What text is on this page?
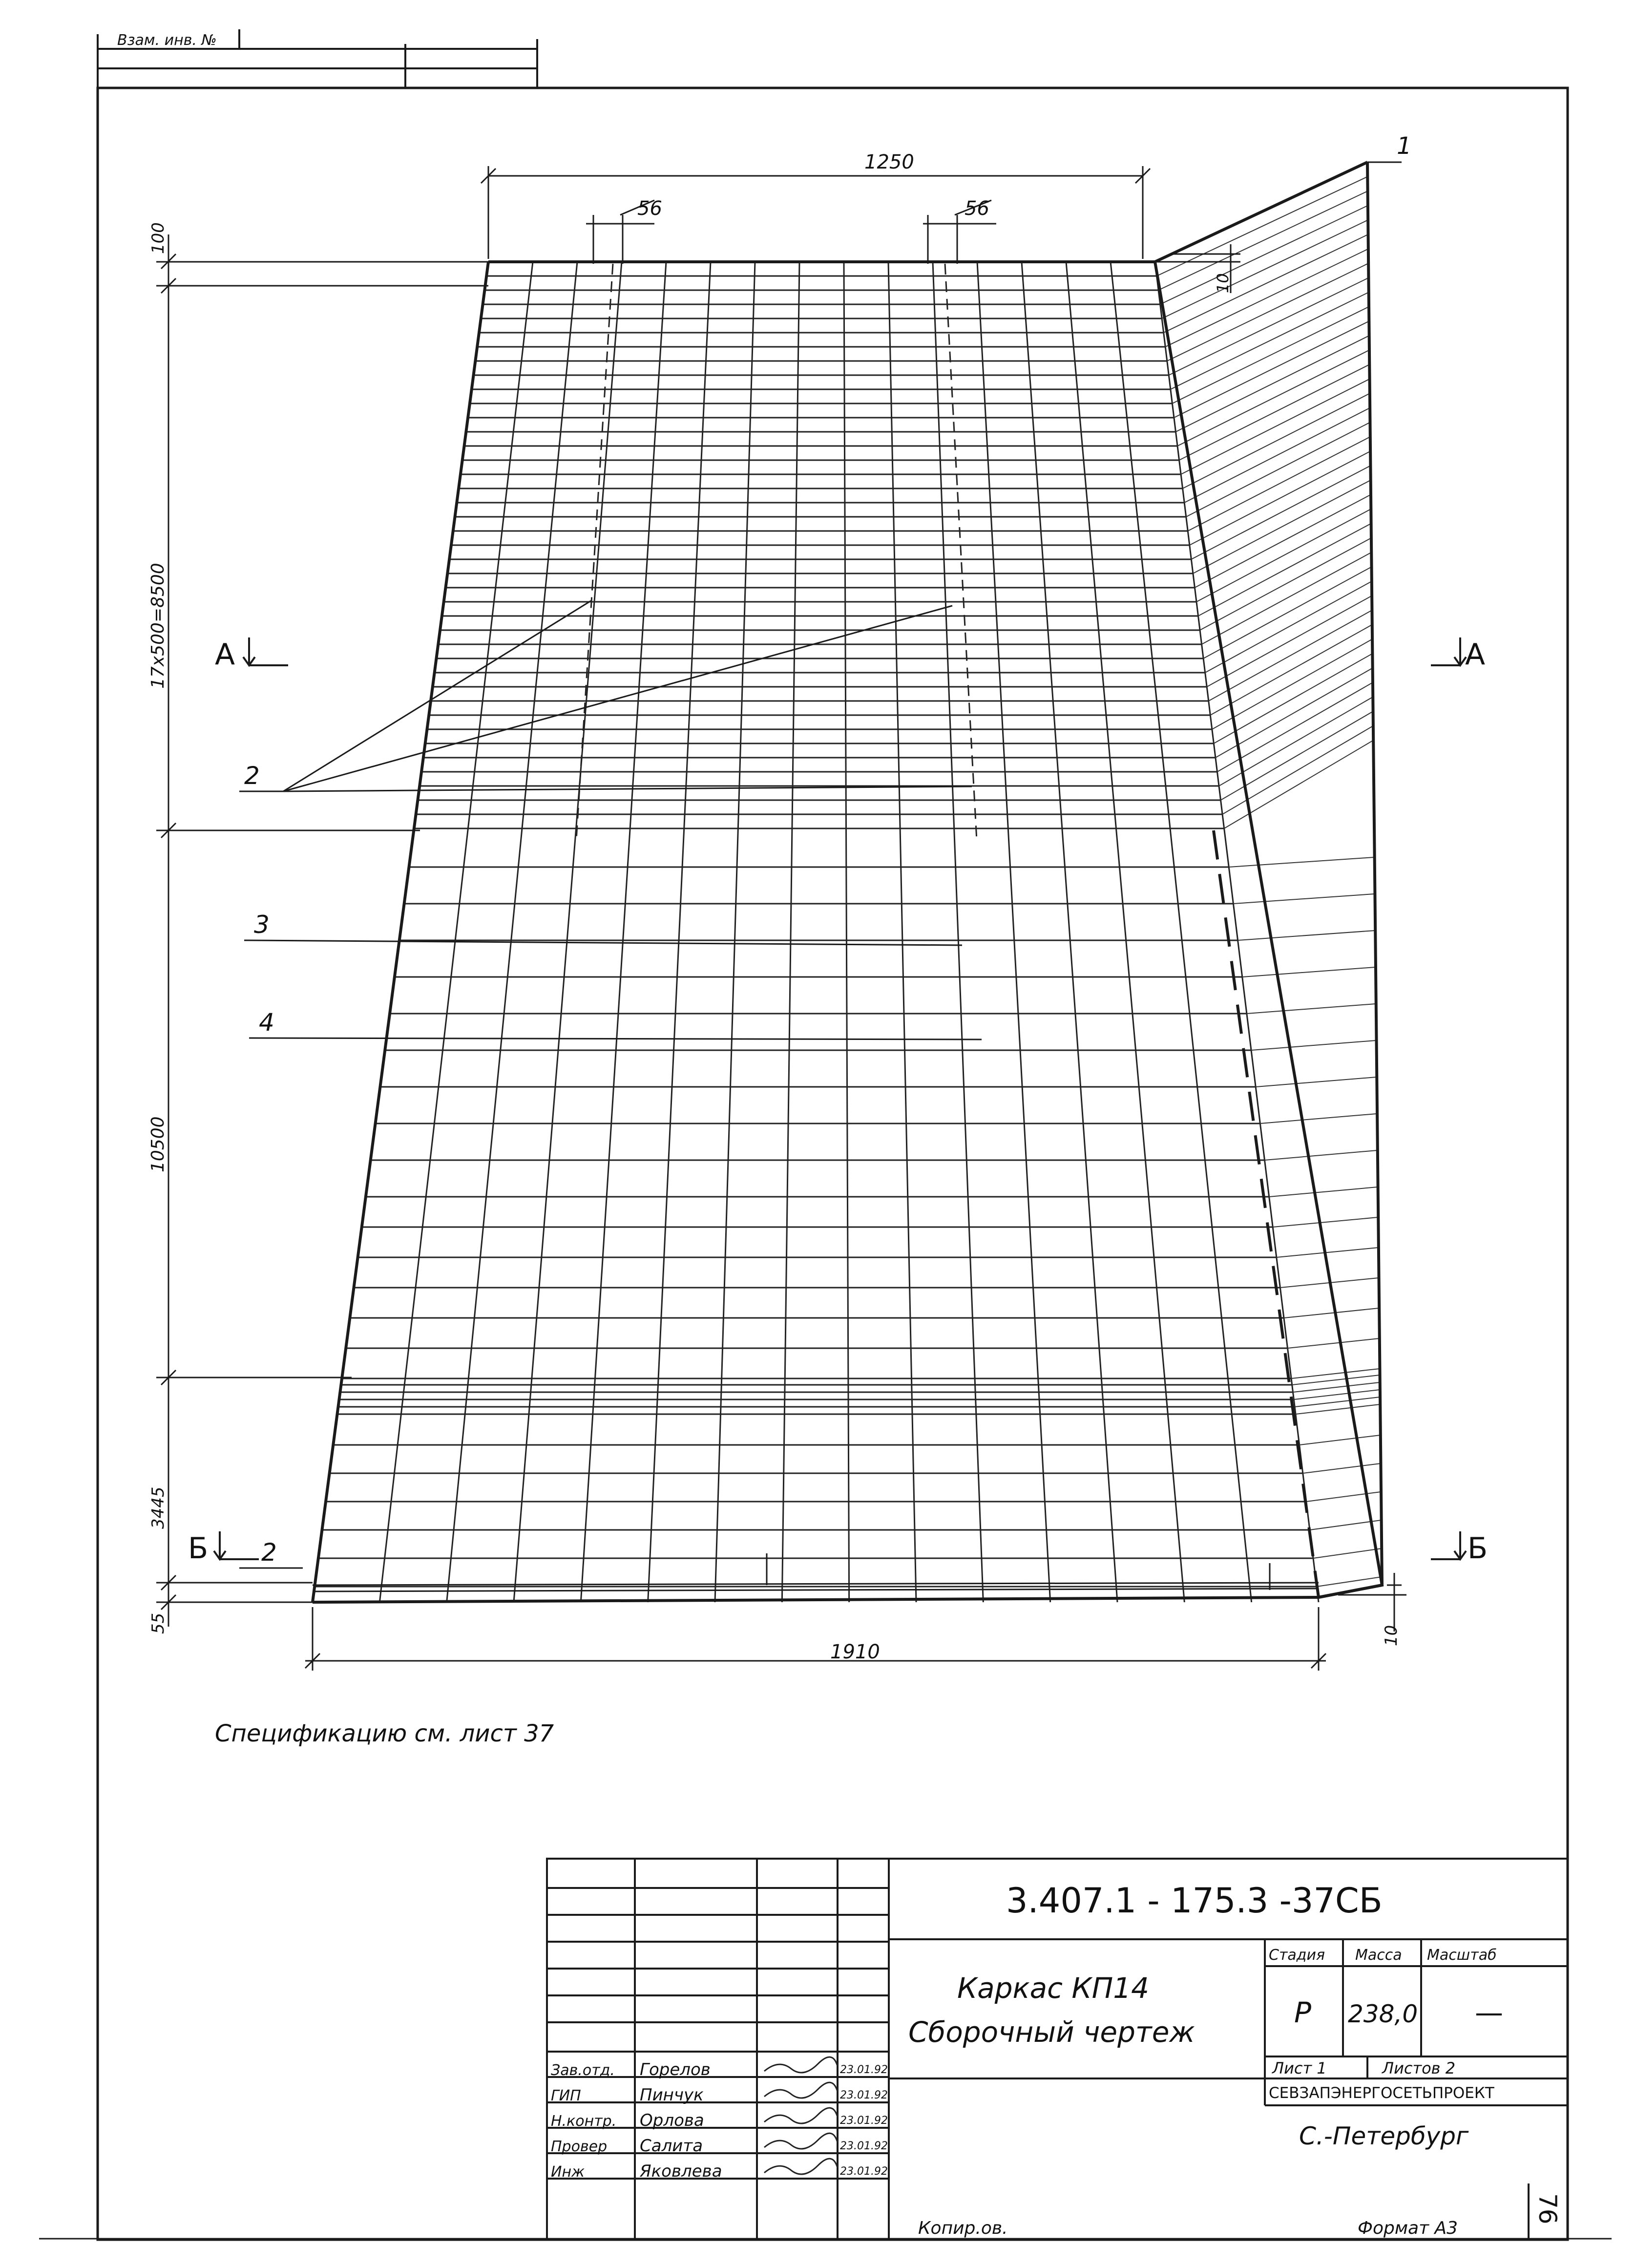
Взам. инв. №
1250
56	56
100
17х500=8500
10500
3445
55
1910
10
10
А	А
Б	Б
1
2
3
4
2
Спецификацию см. лист 37
3.407.1 - 175.3 -37СБ
Каркас КП14
Сборочный чертеж
Стадия Масса Масштаб
Р 238,0 —
Лист 1	Листов 2
СЕВЗАПЭНЕРГОСЕТЬПРОЕКТ
С.-Петербург
Копир.ов.	Формат А3
76
Зав.отд. Горелов	23.01.92
ГИП	Пинчук	23.01.92
Н.контр. Орлова	23.01.92
Провер Салита	23.01.92
Инж	Яковлева	23.01.92
